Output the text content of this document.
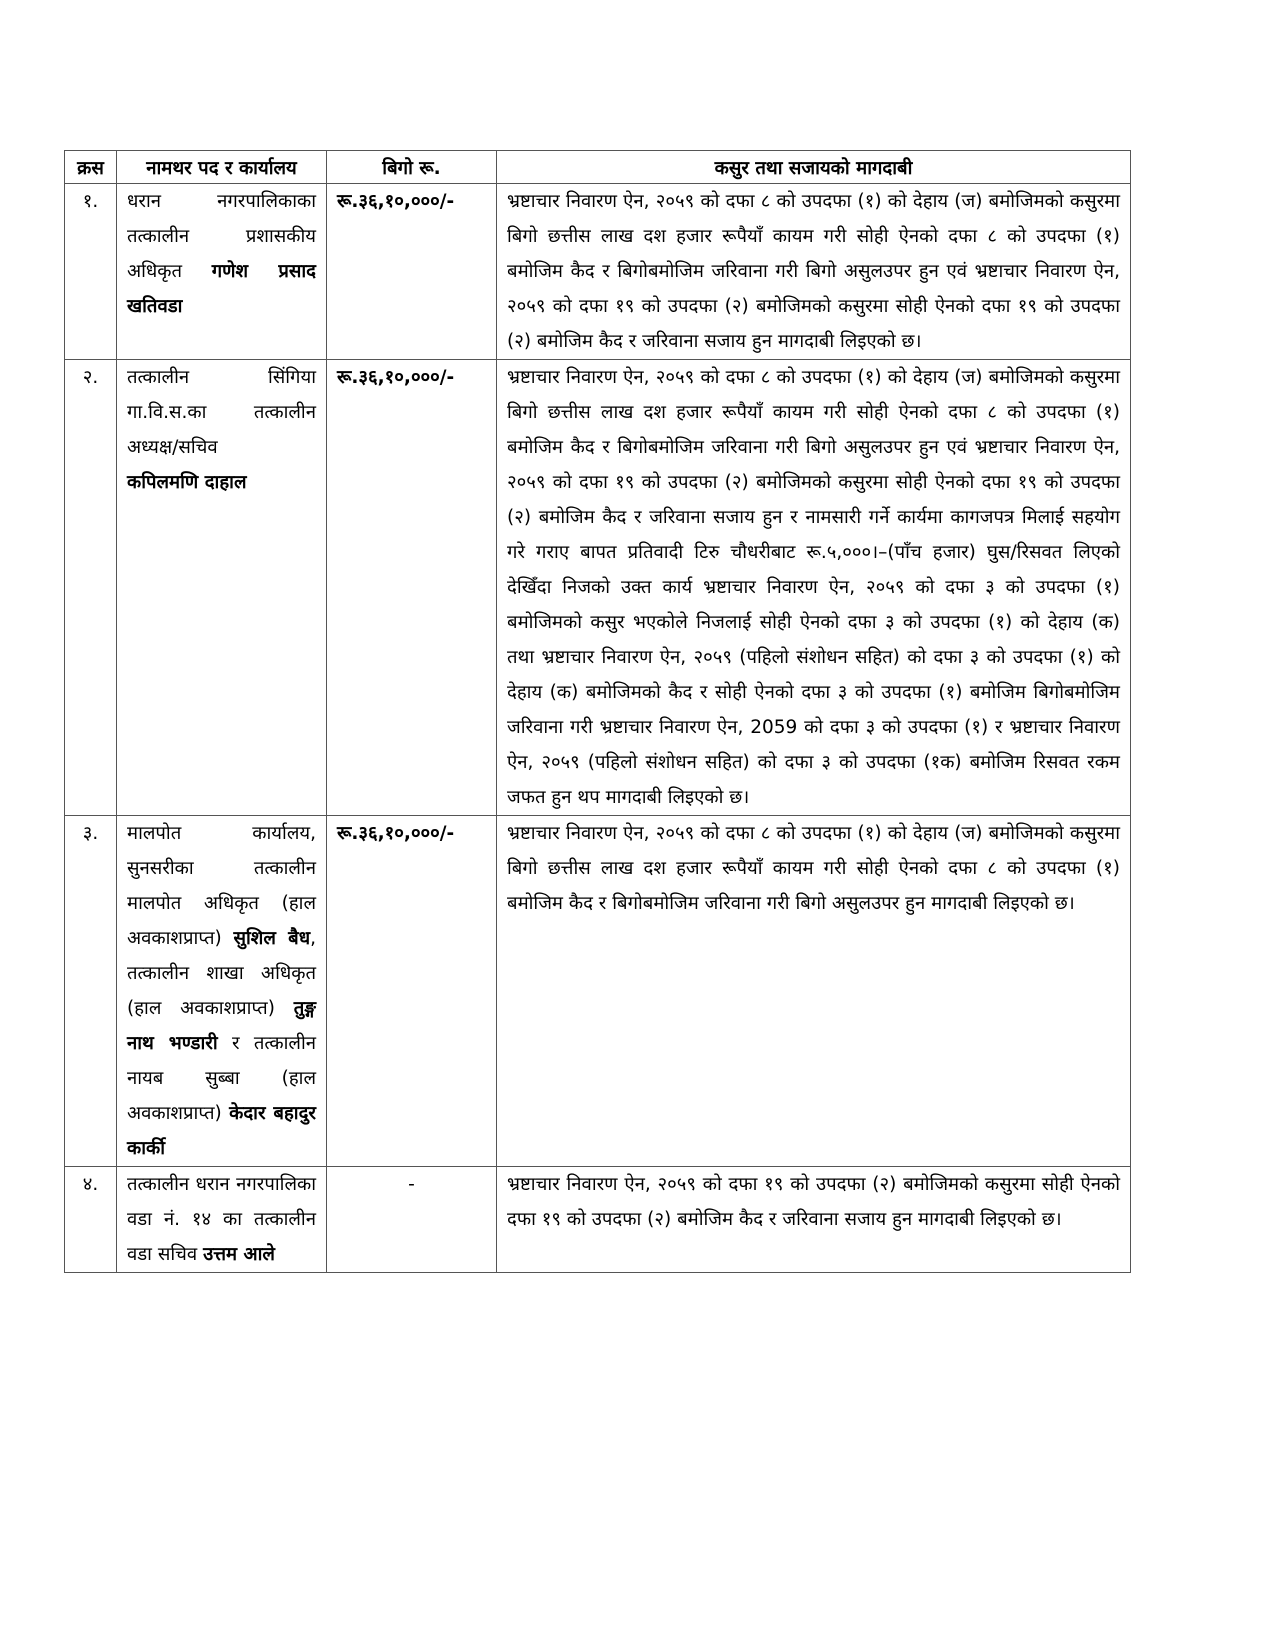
क्रस	नामथर पद र कार्यालय	बिगो रू.	कसुर तथा सजायको मागदाबी
१.	धरान नगरपालिकाका तत्कालीन प्रशासकीय अधिकृत गणेश प्रसाद खतिवडा	रू.३६,१०,०००/-	भ्रष्टाचार निवारण ऐन, २०५९ को दफा ८ को उपदफा (१) को देहाय (ज) बमोजिमको कसुरमा बिगो छत्तीस लाख दश हजार रूपैयाँ कायम गरी सोही ऐनको दफा ८ को उपदफा (१) बमोजिम कैद र बिगोबमोजिम जरिवाना गरी बिगो असुलउपर हुन एवं भ्रष्टाचार निवारण ऐन, २०५९ को दफा १९ को उपदफा (२) बमोजिमको कसुरमा सोही ऐनको दफा १९ को उपदफा (२) बमोजिम कैद र जरिवाना सजाय हुन मागदाबी लिइएको छ।
२.	तत्कालीन सिंगिया गा.वि.स.का तत्कालीन अध्यक्ष/सचिव
कपिलमणि दाहाल	रू.३६,१०,०००/-	भ्रष्टाचार निवारण ऐन, २०५९ को दफा ८ को उपदफा (१) को देहाय (ज) बमोजिमको कसुरमा बिगो छत्तीस लाख दश हजार रूपैयाँ कायम गरी सोही ऐनको दफा ८ को उपदफा (१) बमोजिम कैद र बिगोबमोजिम जरिवाना गरी बिगो असुलउपर हुन एवं भ्रष्टाचार निवारण ऐन, २०५९ को दफा १९ को उपदफा (२) बमोजिमको कसुरमा सोही ऐनको दफा १९ को उपदफा (२) बमोजिम कैद र जरिवाना सजाय हुन र नामसारी गर्ने कार्यमा कागजपत्र मिलाई सहयोग गरे गराए बापत प्रतिवादी टिरु चौधरीबाट रू.५,०००।–(पाँच हजार) घुस/रिसवत लिएको देखिँदा निजको उक्त कार्य भ्रष्टाचार निवारण ऐन, २०५९ को दफा ३ को उपदफा (१) बमोजिमको कसुर भएकोले निजलाई सोही ऐनको दफा ३ को उपदफा (१) को देहाय (क) तथा भ्रष्टाचार निवारण ऐन, २०५९ (पहिलो संशोधन सहित) को दफा ३ को उपदफा (१) को देहाय (क) बमोजिमको कैद र सोही ऐनको दफा ३ को उपदफा (१) बमोजिम बिगोबमोजिम जरिवाना गरी भ्रष्टाचार निवारण ऐन, 2059 को दफा ३ को उपदफा (१) र भ्रष्टाचार निवारण ऐन, २०५९ (पहिलो संशोधन सहित) को दफा ३ को उपदफा (१क) बमोजिम रिसवत रकम जफत हुन थप मागदाबी लिइएको छ।
३.	मालपोत कार्यालय, सुनसरीका तत्कालीन मालपोत अधिकृत (हाल अवकाशप्राप्त) सुशिल बैध, तत्कालीन शाखा अधिकृत (हाल अवकाशप्राप्त) तुङ्ग नाथ भण्डारी र तत्कालीन नायब सुब्बा (हाल अवकाशप्राप्त) केदार बहादुर कार्की	रू.३६,१०,०००/-	भ्रष्टाचार निवारण ऐन, २०५९ को दफा ८ को उपदफा (१) को देहाय (ज) बमोजिमको कसुरमा बिगो छत्तीस लाख दश हजार रूपैयाँ कायम गरी सोही ऐनको दफा ८ को उपदफा (१) बमोजिम कैद र बिगोबमोजिम जरिवाना गरी बिगो असुलउपर हुन मागदाबी लिइएको छ।
४.	तत्कालीन धरान नगरपालिका वडा नं. १४ का तत्कालीन वडा सचिव उत्तम आले	-	भ्रष्टाचार निवारण ऐन, २०५९ को दफा १९ को उपदफा (२) बमोजिमको कसुरमा सोही ऐनको दफा १९ को उपदफा (२) बमोजिम कैद र जरिवाना सजाय हुन मागदाबी लिइएको छ।
